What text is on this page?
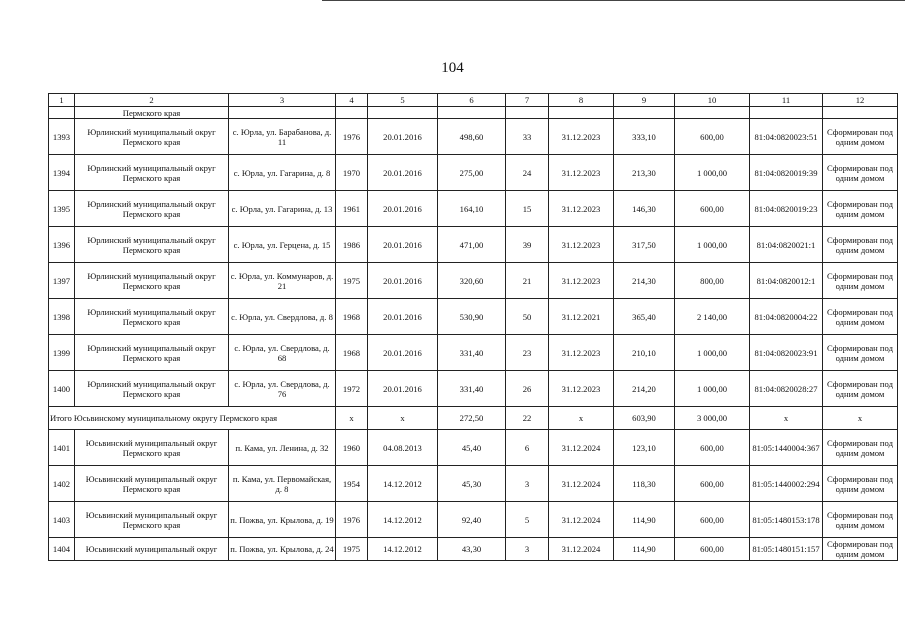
104
1	2	3	4	5	6	7	8	9	10	11	12
	Пермского края										
1393	Юрлинский муниципальный округ Пермского края	с. Юрла, ул. Барабанова, д. 11	1976	20.01.2016	498,60	33	31.12.2023	333,10	600,00	81:04:0820023:51	Сформирован под одним домом
1394	Юрлинский муниципальный округ Пермского края	с. Юрла, ул. Гагарина, д. 8	1970	20.01.2016	275,00	24	31.12.2023	213,30	1 000,00	81:04:0820019:39	Сформирован под одним домом
1395	Юрлинский муниципальный округ Пермского края	с. Юрла, ул. Гагарина, д. 13	1961	20.01.2016	164,10	15	31.12.2023	146,30	600,00	81:04:0820019:23	Сформирован под одним домом
1396	Юрлинский муниципальный округ Пермского края	с. Юрла, ул. Герцена, д. 15	1986	20.01.2016	471,00	39	31.12.2023	317,50	1 000,00	81:04:0820021:1	Сформирован под одним домом
1397	Юрлинский муниципальный округ Пермского края	с. Юрла, ул. Коммунаров, д. 21	1975	20.01.2016	320,60	21	31.12.2023	214,30	800,00	81:04:0820012:1	Сформирован под одним домом
1398	Юрлинский муниципальный округ Пермского края	с. Юрла, ул. Свердлова, д. 8	1968	20.01.2016	530,90	50	31.12.2021	365,40	2 140,00	81:04:0820004:22	Сформирован под одним домом
1399	Юрлинский муниципальный округ Пермского края	с. Юрла, ул. Свердлова, д. 68	1968	20.01.2016	331,40	23	31.12.2023	210,10	1 000,00	81:04:0820023:91	Сформирован под одним домом
1400	Юрлинский муниципальный округ Пермского края	с. Юрла, ул. Свердлова, д. 76	1972	20.01.2016	331,40	26	31.12.2023	214,20	1 000,00	81:04:0820028:27	Сформирован под одним домом
Итого Юсьвинскому муниципальному округу Пермского края			x	x	272,50	22	x	603,90	3 000,00	x	x
1401	Юсьвинский муниципальный округ Пермского края	п. Кама, ул. Ленина, д. 32	1960	04.08.2013	45,40	6	31.12.2024	123,10	600,00	81:05:1440004:367	Сформирован под одним домом
1402	Юсьвинский муниципальный округ Пермского края	п. Кама, ул. Первомайская, д. 8	1954	14.12.2012	45,30	3	31.12.2024	118,30	600,00	81:05:1440002:294	Сформирован под одним домом
1403	Юсьвинский муниципальный округ Пермского края	п. Пожва, ул. Крылова, д. 19	1976	14.12.2012	92,40	5	31.12.2024	114,90	600,00	81:05:1480153:178	Сформирован под одним домом
1404	Юсьвинский муниципальный округ	п. Пожва, ул. Крылова, д. 24	1975	14.12.2012	43,30	3	31.12.2024	114,90	600,00	81:05:1480151:157	Сформирован под одним домом
